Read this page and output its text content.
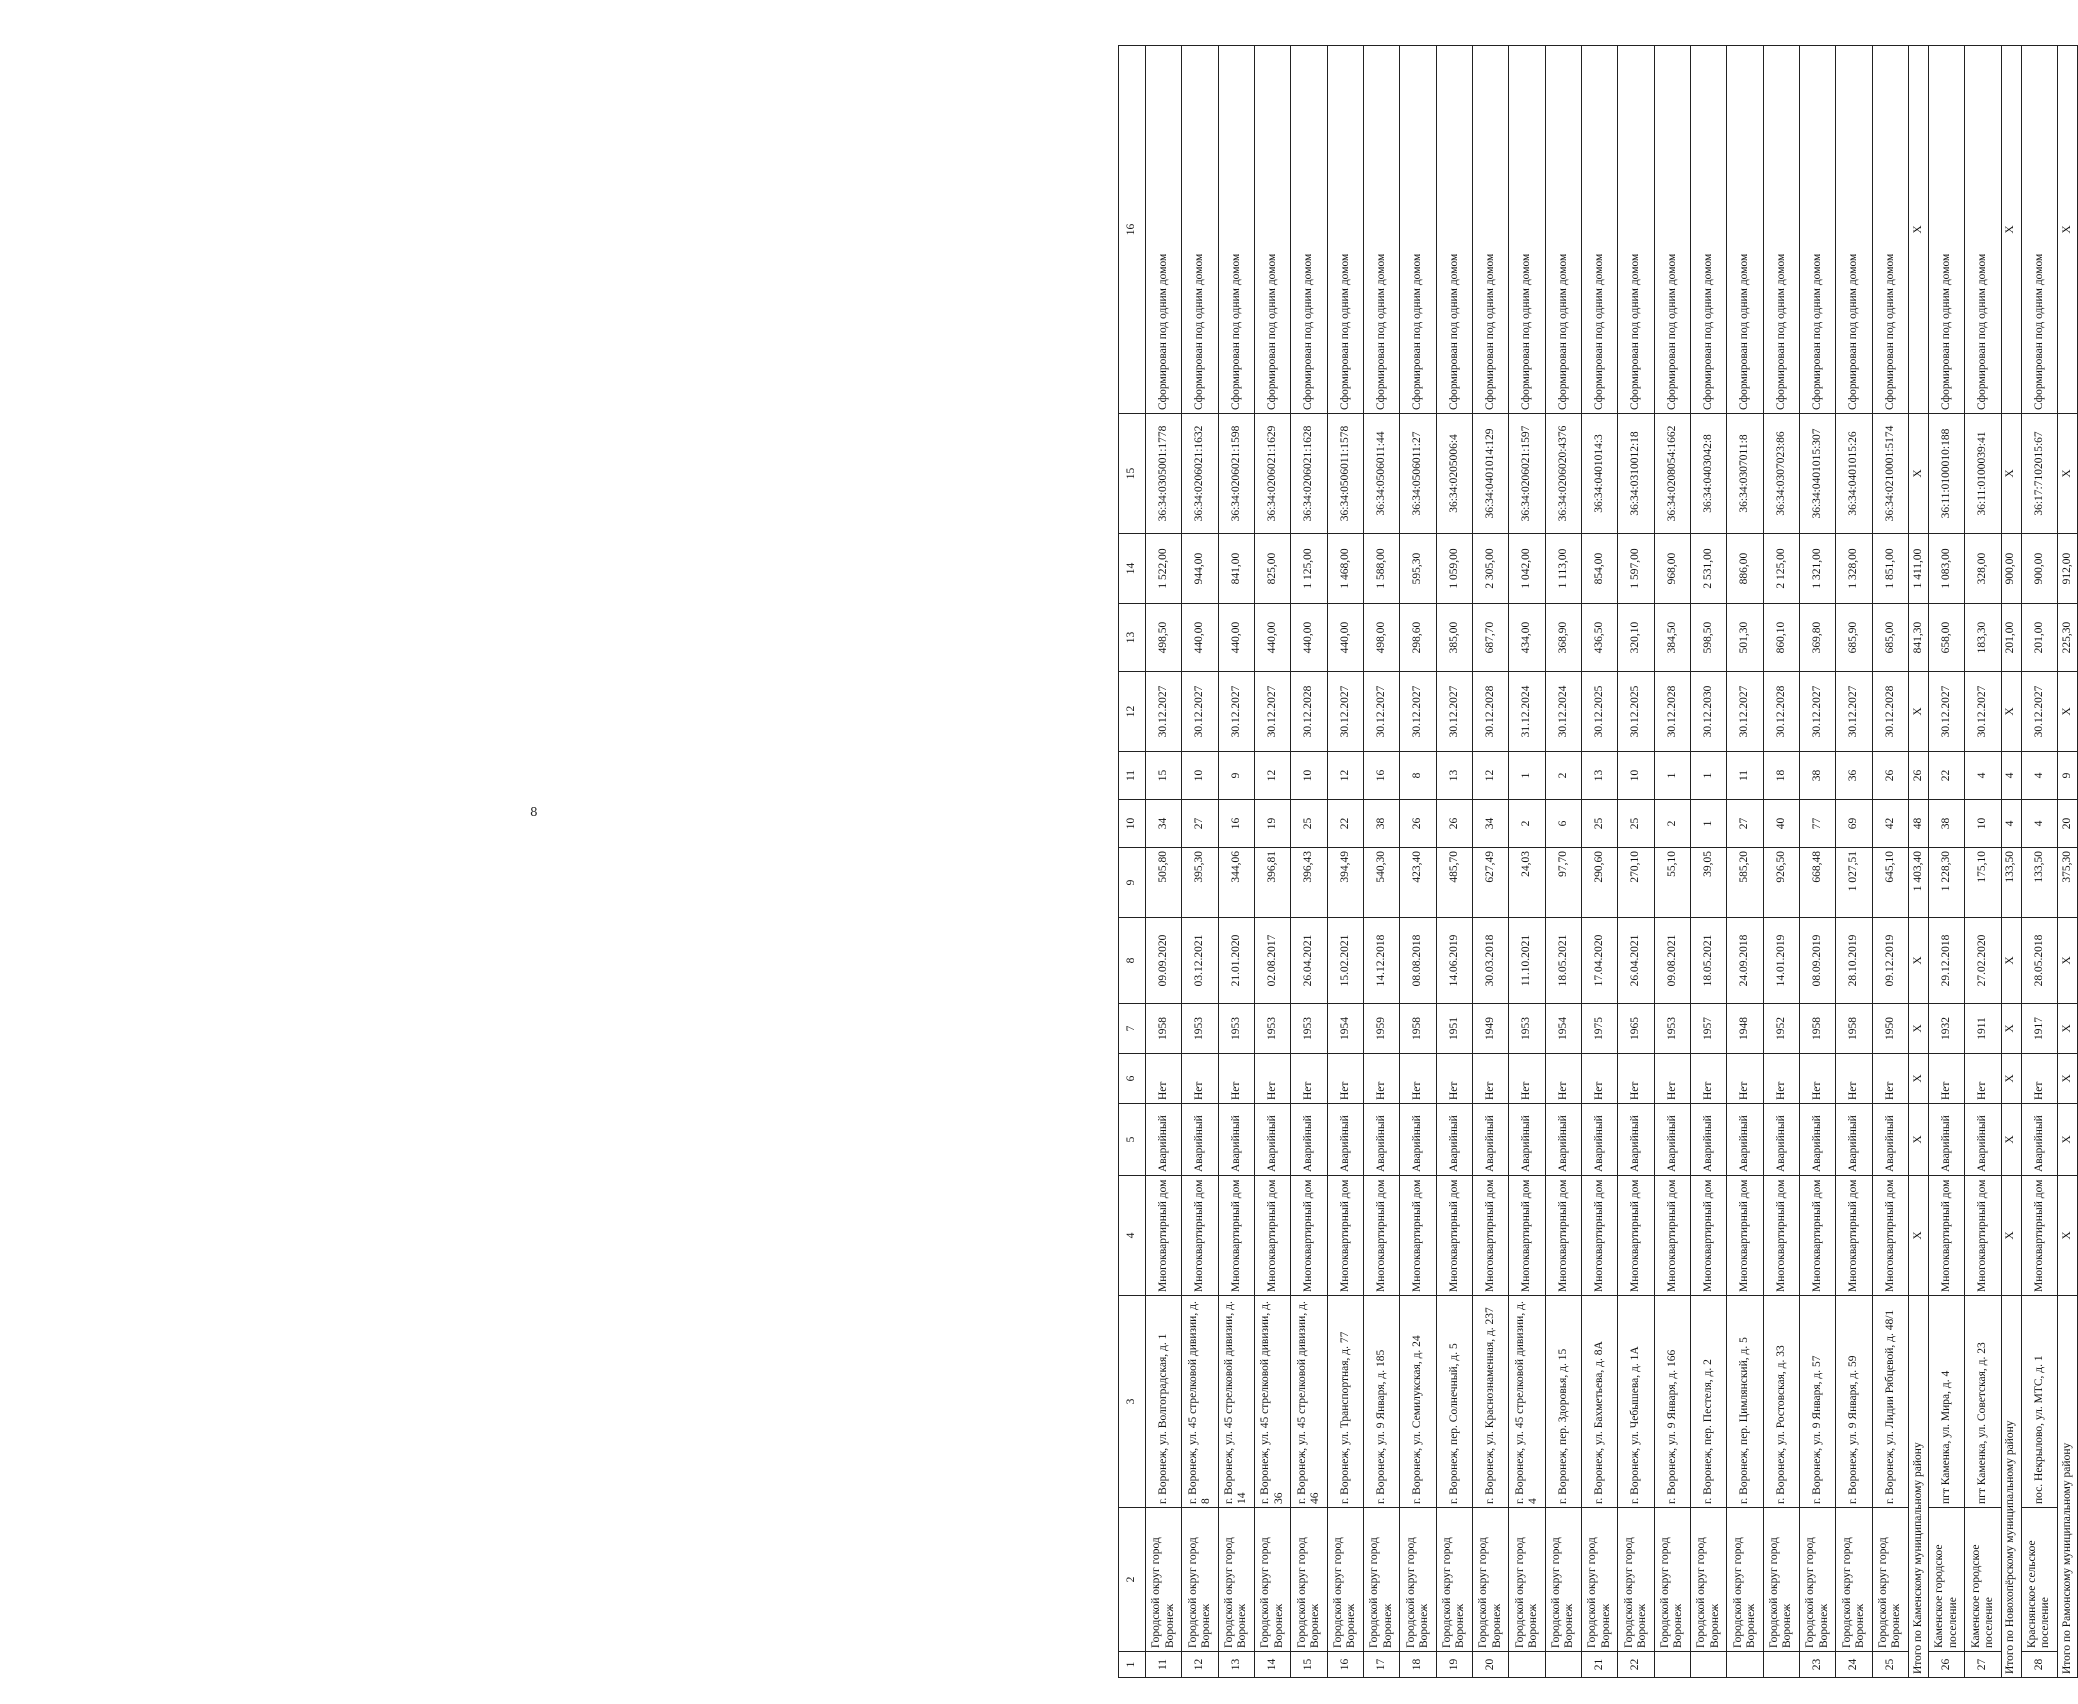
8
1	2	3	4	5	6	7	8	9	10	11	12	13	14	15	16
11	Городской округ город Воронеж	г. Воронеж, ул. Волгоградская, д. 1	Многоквартирный дом	Аварийный	Нет	1958	09.09.2020	505,80	34	15	30.12.2027	498,50	1 522,00	36:34:0305001:1778	Сформирован под одним домом
12	Городской округ город Воронеж	г. Воронеж, ул. 45 стрелковой дивизии, д. 8	Многоквартирный дом	Аварийный	Нет	1953	03.12.2021	395,30	27	10	30.12.2027	440,00	944,00	36:34:0206021:1632	Сформирован под одним домом
13	Городской округ город Воронеж	г. Воронеж, ул. 45 стрелковой дивизии, д. 14	Многоквартирный дом	Аварийный	Нет	1953	21.01.2020	344,06	16	9	30.12.2027	440,00	841,00	36:34:0206021:1598	Сформирован под одним домом
14	Городской округ город Воронеж	г. Воронеж, ул. 45 стрелковой дивизии, д. 36	Многоквартирный дом	Аварийный	Нет	1953	02.08.2017	396,81	19	12	30.12.2027	440,00	825,00	36:34:0206021:1629	Сформирован под одним домом
15	Городской округ город Воронеж	г. Воронеж, ул. 45 стрелковой дивизии, д. 46	Многоквартирный дом	Аварийный	Нет	1953	26.04.2021	396,43	25	10	30.12.2028	440,00	1 125,00	36:34:0206021:1628	Сформирован под одним домом
16	Городской округ город Воронеж	г. Воронеж, ул. Транспортная, д. 77	Многоквартирный дом	Аварийный	Нет	1954	15.02.2021	394,49	22	12	30.12.2027	440,00	1 468,00	36:34:0506011:1578	Сформирован под одним домом
17	Городской округ город Воронеж	г. Воронеж, ул. 9 Января, д. 185	Многоквартирный дом	Аварийный	Нет	1959	14.12.2018	540,30	38	16	30.12.2027	498,00	1 588,00	36:34:0506011:44	Сформирован под одним домом
18	Городской округ город Воронеж	г. Воронеж, ул. Семилукская, д. 24	Многоквартирный дом	Аварийный	Нет	1958	08.08.2018	423,40	26	8	30.12.2027	298,60	595,30	36:34:0506011:27	Сформирован под одним домом
19	Городской округ город Воронеж	г. Воронеж, пер. Солнечный, д. 5	Многоквартирный дом	Аварийный	Нет	1951	14.06.2019	485,70	26	13	30.12.2027	385,00	1 059,00	36:34:0205006:4	Сформирован под одним домом
20	Городской округ город Воронеж	г. Воронеж, ул. Краснознаменная, д. 237	Многоквартирный дом	Аварийный	Нет	1949	30.03.2018	627,49	34	12	30.12.2028	687,70	2 305,00	36:34:0401014:129	Сформирован под одним домом
	Городской округ город Воронеж	г. Воронеж, ул. 45 стрелковой дивизии, д. 4	Многоквартирный дом	Аварийный	Нет	1953	11.10.2021	24,03	2	1	31.12.2024	434,00	1 042,00	36:34:0206021:1597	Сформирован под одним домом
	Городской округ город Воронеж	г. Воронеж, пер. Здоровья, д. 15	Многоквартирный дом	Аварийный	Нет	1954	18.05.2021	97,70	6	2	30.12.2024	368,90	1 113,00	36:34:0206020:4376	Сформирован под одним домом
21	Городской округ город Воронеж	г. Воронеж, ул. Бахметьева, д. 8А	Многоквартирный дом	Аварийный	Нет	1975	17.04.2020	290,60	25	13	30.12.2025	436,50	854,00	36:34:0401014:3	Сформирован под одним домом
22	Городской округ город Воронеж	г. Воронеж, ул. Чебышева, д. 1А	Многоквартирный дом	Аварийный	Нет	1965	26.04.2021	270,10	25	10	30.12.2025	320,10	1 597,00	36:34:0310012:18	Сформирован под одним домом
	Городской округ город Воронеж	г. Воронеж, ул. 9 Января, д. 166	Многоквартирный дом	Аварийный	Нет	1953	09.08.2021	55,10	2	1	30.12.2028	384,50	968,00	36:34:0208054:1662	Сформирован под одним домом
	Городской округ город Воронеж	г. Воронеж, пер. Пестеля, д. 2	Многоквартирный дом	Аварийный	Нет	1957	18.05.2021	39,05	1	1	30.12.2030	598,50	2 531,00	36:34:0403042:8	Сформирован под одним домом
	Городской округ город Воронеж	г. Воронеж, пер. Цимлянский, д. 5	Многоквартирный дом	Аварийный	Нет	1948	24.09.2018	585,20	27	11	30.12.2027	501,30	886,00	36:34:0307011:8	Сформирован под одним домом
	Городской округ город Воронеж	г. Воронеж, ул. Ростовская, д. 33	Многоквартирный дом	Аварийный	Нет	1952	14.01.2019	926,50	40	18	30.12.2028	860,10	2 125,00	36:34:0307023:86	Сформирован под одним домом
23	Городской округ город Воронеж	г. Воронеж, ул. 9 Января, д. 57	Многоквартирный дом	Аварийный	Нет	1958	08.09.2019	668,48	77	38	30.12.2027	369,80	1 321,00	36:34:0401015:307	Сформирован под одним домом
24	Городской округ город Воронеж	г. Воронеж, ул. 9 Января, д. 59	Многоквартирный дом	Аварийный	Нет	1958	28.10.2019	1 027,51	69	36	30.12.2027	685,90	1 328,00	36:34:0401015:26	Сформирован под одним домом
25	Городской округ город Воронеж	г. Воронеж, ул. Лидии Рябцевой, д. 48/1	Многоквартирный дом	Аварийный	Нет	1950	09.12.2019	645,10	42	26	30.12.2028	685,00	1 851,00	36:34:0210001:5174	Сформирован под одним домом
Итого по Каменскому муниципальному району			X	X	X	X	X	1 403,40	48	26	X	841,30	1 411,00	X	X
26	Каменское городское поселение	пгт Каменка, ул. Мира, д. 4	Многоквартирный дом	Аварийный	Нет	1932	29.12.2018	1 228,30	38	22	30.12.2027	658,00	1 083,00	36:11:0100010:188	Сформирован под одним домом
27	Каменское городское поселение	пгт Каменка, ул. Советская, д. 23	Многоквартирный дом	Аварийный	Нет	1911	27.02.2020	175,10	10	4	30.12.2027	183,30	328,00	36:11:0100039:41	Сформирован под одним домом
Итого по Новохопёрскому муниципальному району			X	X	X	X	X	133,50	4	4	X	201,00	900,00	X	X
28	Краснянское сельское поселение	пос. Некрылово, ул. МТС, д. 1	Многоквартирный дом	Аварийный	Нет	1917	28.05.2018	133,50	4	4	30.12.2027	201,00	900,00	36:17:7102015:67	Сформирован под одним домом
Итого по Рамонскому муниципальному району			X	X	X	X	X	375,30	20	9	X	225,30	912,00	X	X
